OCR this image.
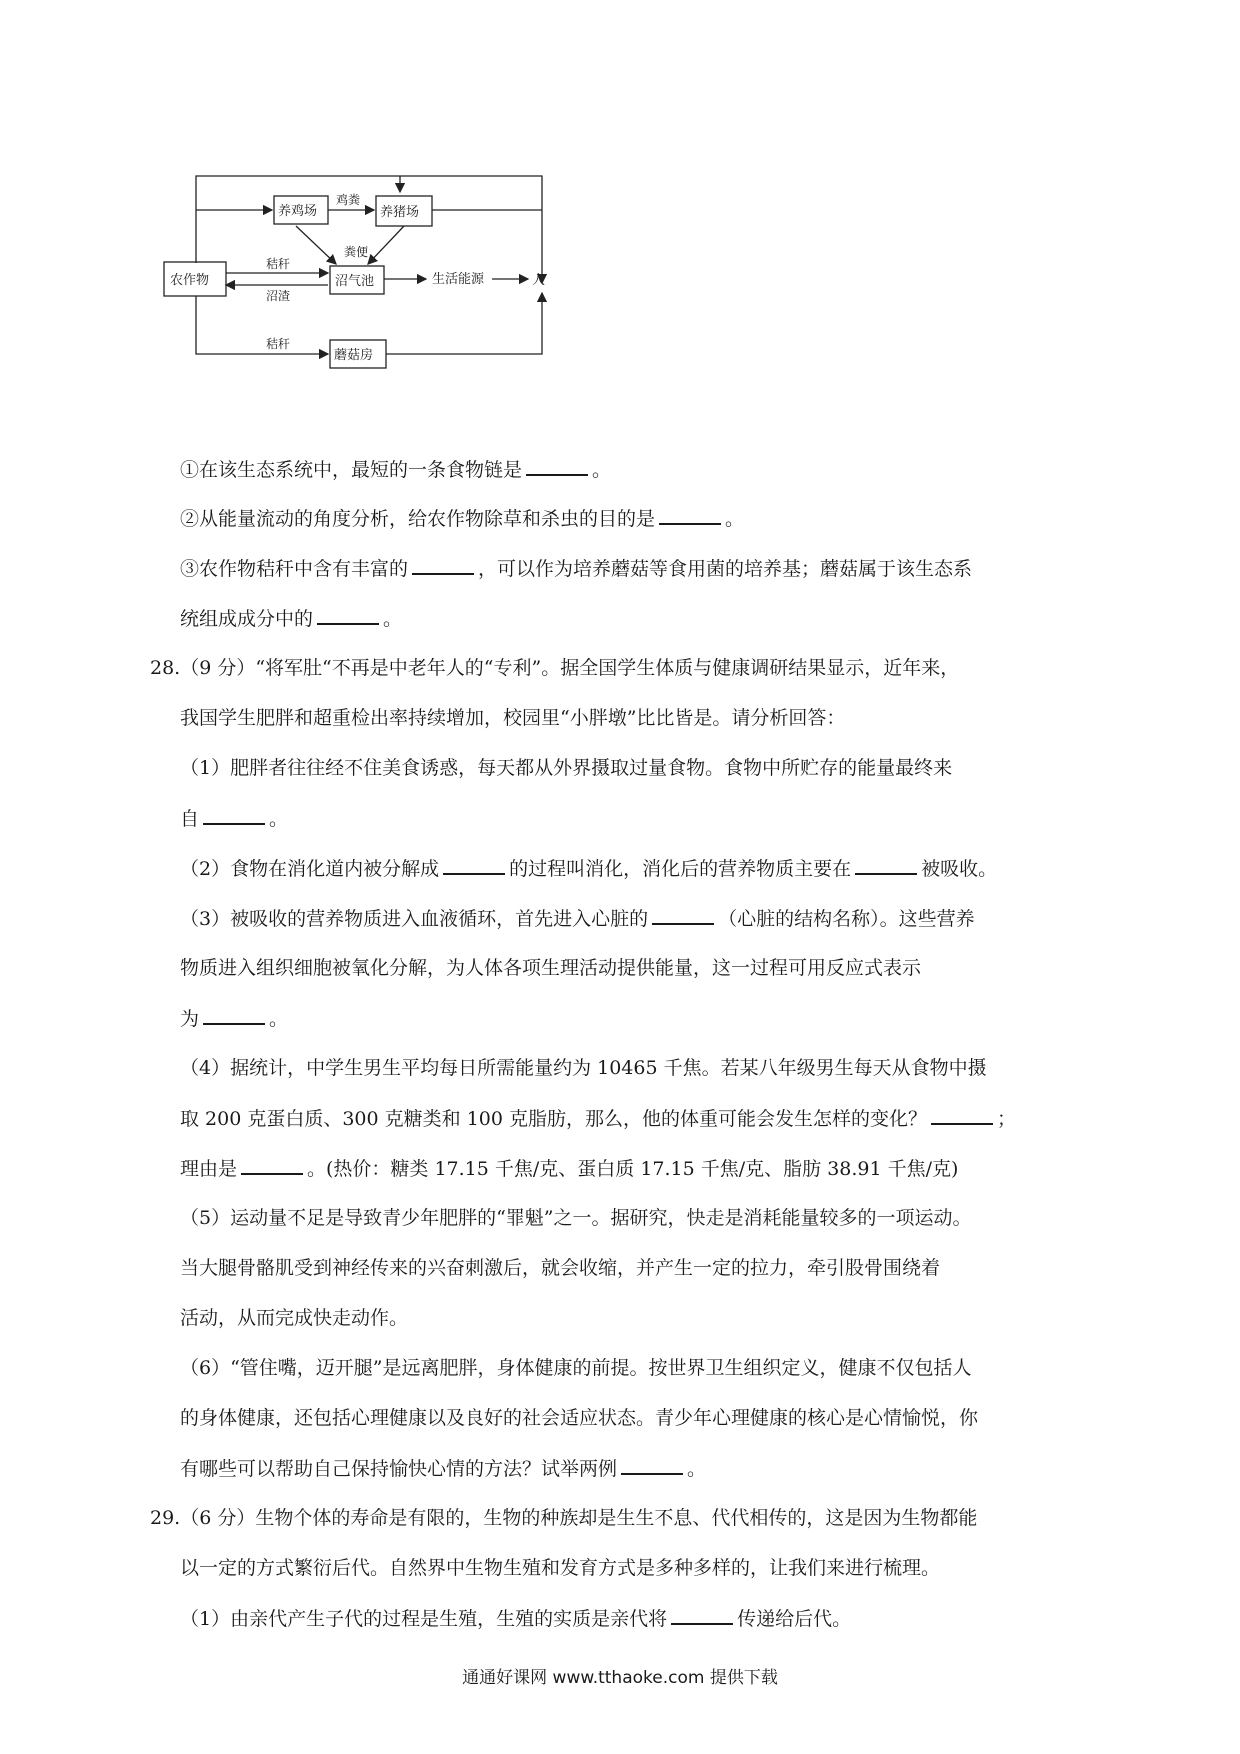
养鸡场	养猪场
农作物	沼气池	生活能源	人
蘑菇房
鸡粪
粪便
秸秆
沼渣
秸秆
①在该生态系统中，最短的一条食物链是	。
②从能量流动的角度分析，给农作物除草和杀虫的目的是	。
③农作物秸秆中含有丰富的	，可以作为培养蘑菇等食用菌的培养基；蘑菇属于该生态系
统组成成分中的	。
28.（9 分）“将军肚“不再是中老年人的“专利”。据全国学生体质与健康调研结果显示，近年来，
我国学生肥胖和超重检出率持续增加，校园里“小胖墩”比比皆是。请分析回答：
（1）肥胖者往往经不住美食诱惑，每天都从外界摄取过量食物。食物中所贮存的能量最终来
自	。
（2）食物在消化道内被分解成	的过程叫消化，消化后的营养物质主要在	被吸收。
（3）被吸收的营养物质进入血液循环，首先进入心脏的	（心脏的结构名称）。这些营养
物质进入组织细胞被氧化分解，为人体各项生理活动提供能量，这一过程可用反应式表示
为	。
（4）据统计，中学生男生平均每日所需能量约为 10465 千焦。若某八年级男生每天从食物中摄
取 200 克蛋白质、300 克糖类和 100 克脂肪，那么，他的体重可能会发生怎样的变化？	；
理由是	。(热价：糖类 17.15 千焦/克、蛋白质 17.15 千焦/克、脂肪 38.91 千焦/克)
（5）运动量不足是导致青少年肥胖的“罪魁”之一。据研究，快走是消耗能量较多的一项运动。
当大腿骨骼肌受到神经传来的兴奋刺激后，就会收缩，并产生一定的拉力，牵引股骨围绕着
活动，从而完成快走动作。
（6）“管住嘴，迈开腿”是远离肥胖，身体健康的前提。按世界卫生组织定义，健康不仅包括人
的身体健康，还包括心理健康以及良好的社会适应状态。青少年心理健康的核心是心情愉悦，你
有哪些可以帮助自己保持愉快心情的方法？试举两例	。
29.（6 分）生物个体的寿命是有限的，生物的种族却是生生不息、代代相传的，这是因为生物都能
以一定的方式繁衍后代。自然界中生物生殖和发育方式是多种多样的，让我们来进行梳理。
（1）由亲代产生子代的过程是生殖，生殖的实质是亲代将	传递给后代。
通通好课网 www.tthaoke.com 提供下载
